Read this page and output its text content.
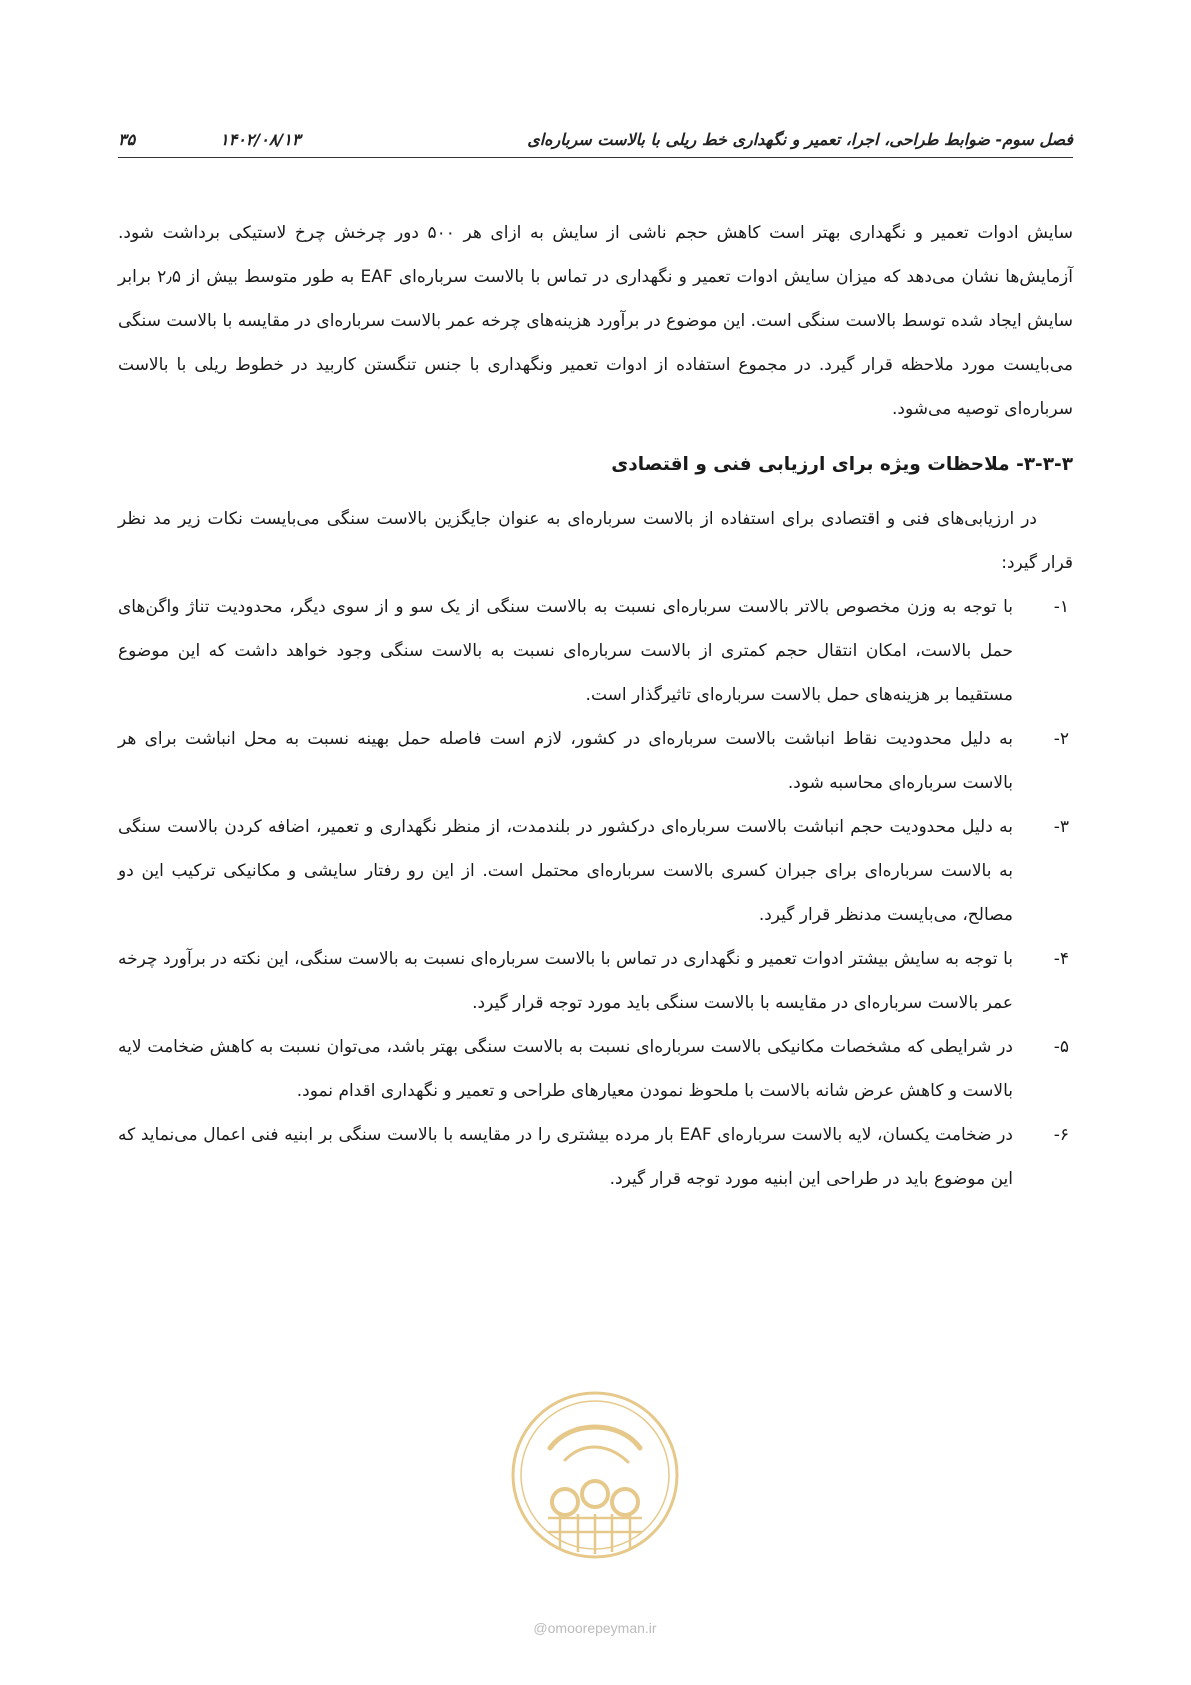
فصل سوم- ضوابط طراحی، اجرا، تعمیر و نگهداری خط ریلی با بالاست سرباره‌ای
۱۴۰۲/۰۸/۱۳
۳۵

سایش ادوات تعمیر و نگهداری بهتر است کاهش حجم ناشی از سایش به ازای هر ۵۰۰ دور چرخش چرخ لاستیکی برداشت شود. آزمایش‌ها نشان می‌دهد که میزان سایش ادوات تعمیر و نگهداری در تماس با بالاست سرباره‌ای EAF به طور متوسط بیش از ۲٫۵ برابر سایش ایجاد شده توسط بالاست سنگی است. این موضوع در برآورد هزینه‌های چرخه عمر بالاست سرباره‌ای در مقایسه با بالاست سنگی می‌بایست مورد ملاحظه قرار گیرد. در مجموع استفاده از ادوات تعمیر ونگهداری با جنس تنگستن کاربید در خطوط ریلی با بالاست سرباره‌ای توصیه می‌شود.

۳-۳-۳- ملاحظات ویژه برای ارزیابی فنی و اقتصادی

در ارزیابی‌های فنی و اقتصادی برای استفاده از بالاست سرباره‌ای به عنوان جایگزین بالاست سنگی می‌بایست نکات زیر مد نظر قرار گیرد:

۱-
با توجه به وزن مخصوص بالاتر بالاست سرباره‌ای نسبت به بالاست سنگی از یک سو و از سوی دیگر، محدودیت تناژ واگن‌های حمل بالاست، امکان انتقال حجم کمتری از بالاست سرباره‌ای نسبت به بالاست سنگی وجود خواهد داشت که این موضوع مستقیما بر هزینه‌های حمل بالاست سرباره‌ای تاثیرگذار است.
۲-
به دلیل محدودیت نقاط انباشت بالاست سرباره‌ای در کشور، لازم است فاصله حمل بهینه نسبت به محل انباشت برای هر بالاست سرباره‌ای محاسبه شود.
۳-
به دلیل محدودیت حجم انباشت بالاست سرباره‌ای درکشور در بلندمدت، از منظر نگهداری و تعمیر، اضافه کردن بالاست سنگی به بالاست سرباره‌ای برای جبران کسری بالاست سرباره‌ای محتمل است. از این رو رفتار سایشی و مکانیکی ترکیب این دو مصالح، می‌بایست مدنظر قرار گیرد.
۴-
با توجه به سایش بیشتر ادوات تعمیر و نگهداری در تماس با بالاست سرباره‌ای نسبت به بالاست سنگی، این نکته در برآورد چرخه عمر بالاست سرباره‌ای در مقایسه با بالاست سنگی باید مورد توجه قرار گیرد.
۵-
در شرایطی که مشخصات مکانیکی بالاست سرباره‌ای نسبت به بالاست سنگی بهتر باشد، می‌توان نسبت به کاهش ضخامت لایه بالاست و کاهش عرض شانه بالاست با ملحوظ نمودن معیارهای طراحی و تعمیر و نگهداری اقدام نمود.
۶-
در ضخامت یکسان، لایه بالاست سرباره‌ای EAF بار مرده بیشتری را در مقایسه با بالاست سنگی بر ابنیه فنی اعمال می‌نماید که این موضوع باید در طراحی این ابنیه مورد توجه قرار گیرد.
@omoorepeyman.ir
